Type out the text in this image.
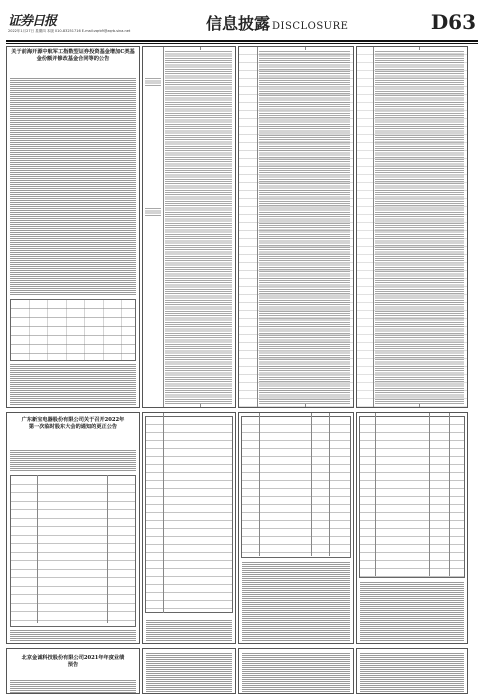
证券日报
2022年1月27日 星期四 本版 010-83251716 E-mail:zqrb9@zqrb.sina.net	信息披露 DISCLOSURE	D63
关于前海开源中航军工指数型证券投资基金增加C类基金份额并修改基金合同等的公告
广东新宝电器股份有限公司关于召开2022年第一次临时股东大会的通知的更正公告
北京金诚科技股份有限公司2021年年度业绩预告
